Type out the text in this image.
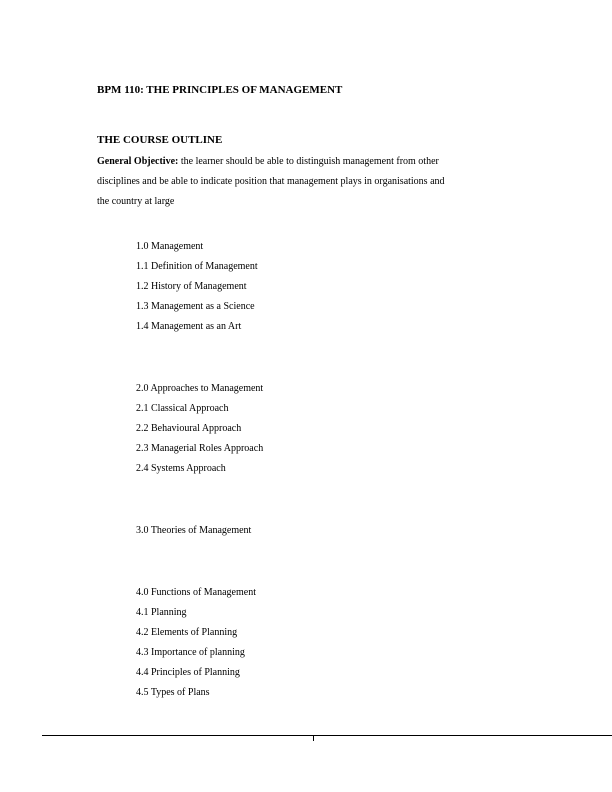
BPM 110: THE PRINCIPLES OF MANAGEMENT
THE COURSE OUTLINE
General Objective: the learner should be able to distinguish management from other
disciplines and be able to indicate position that management plays in organisations and
the country at large
1.0 Management
1.1 Definition of Management
1.2 History of Management
1.3 Management as a Science
1.4 Management as an Art
2.0 Approaches to Management
2.1 Classical Approach
2.2 Behavioural Approach
2.3 Managerial Roles Approach
2.4 Systems Approach
3.0 Theories of Management
4.0 Functions of Management
4.1 Planning
4.2 Elements of Planning
4.3 Importance of planning
4.4 Principles of Planning
4.5 Types of Plans
